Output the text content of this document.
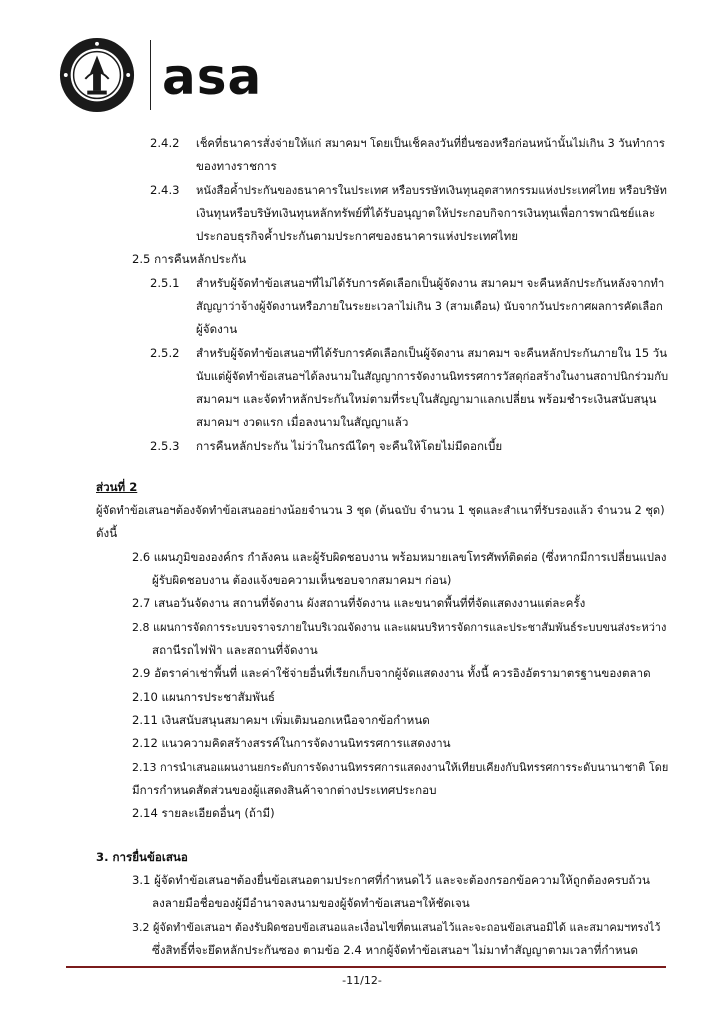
asa
2.4.2 เช็คที่ธนาคารสั่งจ่ายให้แก่ สมาคมฯ โดยเป็นเช็คลงวันที่ยื่นซองหรือก่อนหน้านั้นไม่เกิน 3 วันทำการ
ของทางราชการ
2.4.3 หนังสือค้ำประกันของธนาคารในประเทศ หรือบรรษัทเงินทุนอุตสาหกรรมแห่งประเทศไทย หรือบริษัท
เงินทุนหรือบริษัทเงินทุนหลักทรัพย์ที่ได้รับอนุญาตให้ประกอบกิจการเงินทุนเพื่อการพาณิชย์และ
ประกอบธุรกิจค้ำประกันตามประกาศของธนาคารแห่งประเทศไทย
2.5 การคืนหลักประกัน
2.5.1 สำหรับผู้จัดทำข้อเสนอฯที่ไม่ได้รับการคัดเลือกเป็นผู้จัดงาน สมาคมฯ จะคืนหลักประกันหลังจากทำ
สัญญาว่าจ้างผู้จัดงานหรือภายในระยะเวลาไม่เกิน 3 (สามเดือน) นับจากวันประกาศผลการคัดเลือก
ผู้จัดงาน
2.5.2 สำหรับผู้จัดทำข้อเสนอฯที่ได้รับการคัดเลือกเป็นผู้จัดงาน สมาคมฯ จะคืนหลักประกันภายใน 15 วัน
นับแต่ผู้จัดทำข้อเสนอฯได้ลงนามในสัญญาการจัดงานนิทรรศการวัสดุก่อสร้างในงานสถาปนิกร่วมกับ
สมาคมฯ และจัดทำหลักประกันใหม่ตามที่ระบุในสัญญามาแลกเปลี่ยน พร้อมชำระเงินสนับสนุน
สมาคมฯ งวดแรก เมื่อลงนามในสัญญาแล้ว
2.5.3 การคืนหลักประกัน ไม่ว่าในกรณีใดๆ จะคืนให้โดยไม่มีดอกเบี้ย
ส่วนที่ 2
ผู้จัดทำข้อเสนอฯต้องจัดทำข้อเสนออย่างน้อยจำนวน 3 ชุด (ต้นฉบับ จำนวน 1 ชุดและสำเนาที่รับรองแล้ว จำนวน 2 ชุด)
ดังนี้
2.6 แผนภูมิขององค์กร กำลังคน และผู้รับผิดชอบงาน พร้อมหมายเลขโทรศัพท์ติดต่อ (ซึ่งหากมีการเปลี่ยนแปลง
ผู้รับผิดชอบงาน ต้องแจ้งขอความเห็นชอบจากสมาคมฯ ก่อน)
2.7 เสนอวันจัดงาน สถานที่จัดงาน ผังสถานที่จัดงาน และขนาดพื้นที่ที่จัดแสดงงานแต่ละครั้ง
2.8 แผนการจัดการระบบจราจรภายในบริเวณจัดงาน และแผนบริหารจัดการและประชาสัมพันธ์ระบบขนส่งระหว่าง
สถานีรถไฟฟ้า และสถานที่จัดงาน
2.9 อัตราค่าเช่าพื้นที่ และค่าใช้จ่ายอื่นที่เรียกเก็บจากผู้จัดแสดงงาน ทั้งนี้ ควรอิงอัตรามาตรฐานของตลาด
2.10 แผนการประชาสัมพันธ์
2.11 เงินสนับสนุนสมาคมฯ เพิ่มเติมนอกเหนือจากข้อกำหนด
2.12 แนวความคิดสร้างสรรค์ในการจัดงานนิทรรศการแสดงงาน
2.13 การนำเสนอแผนงานยกระดับการจัดงานนิทรรศการแสดงงานให้เทียบเคียงกับนิทรรศการระดับนานาชาติ โดย
มีการกำหนดสัดส่วนของผู้แสดงสินค้าจากต่างประเทศประกอบ
2.14 รายละเอียดอื่นๆ (ถ้ามี)
3. การยื่นข้อเสนอ
3.1 ผู้จัดทำข้อเสนอฯต้องยื่นข้อเสนอตามประกาศที่กำหนดไว้ และจะต้องกรอกข้อความให้ถูกต้องครบถ้วน
ลงลายมือชื่อของผู้มีอำนาจลงนามของผู้จัดทำข้อเสนอฯให้ชัดเจน
3.2 ผู้จัดทำข้อเสนอฯ ต้องรับผิดชอบข้อเสนอและเงื่อนไขที่ตนเสนอไว้และจะถอนข้อเสนอมิได้ และสมาคมฯทรงไว้
ซึ่งสิทธิ์ที่จะยึดหลักประกันซอง ตามข้อ 2.4 หากผู้จัดทำข้อเสนอฯ ไม่มาทำสัญญาตามเวลาที่กำหนด
-11/12-
